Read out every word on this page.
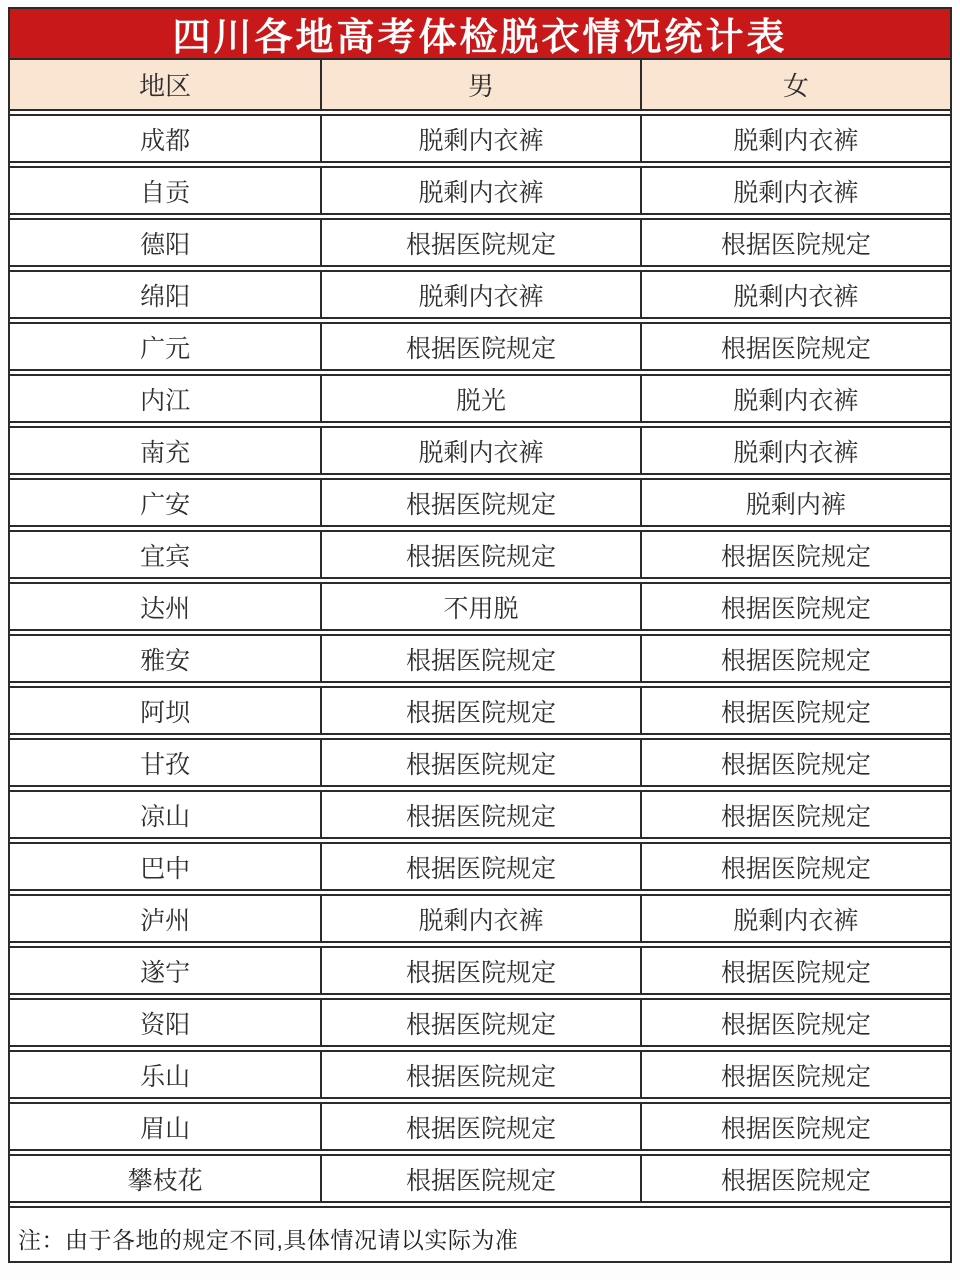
四川各地高考体检脱衣情况统计表
地区	男	女
成都	脱剩内衣裤	脱剩内衣裤
自贡	脱剩内衣裤	脱剩内衣裤
德阳	根据医院规定	根据医院规定
绵阳	脱剩内衣裤	脱剩内衣裤
广元	根据医院规定	根据医院规定
内江	脱光	脱剩内衣裤
南充	脱剩内衣裤	脱剩内衣裤
广安	根据医院规定	脱剩内裤
宜宾	根据医院规定	根据医院规定
达州	不用脱	根据医院规定
雅安	根据医院规定	根据医院规定
阿坝	根据医院规定	根据医院规定
甘孜	根据医院规定	根据医院规定
凉山	根据医院规定	根据医院规定
巴中	根据医院规定	根据医院规定
泸州	脱剩内衣裤	脱剩内衣裤
遂宁	根据医院规定	根据医院规定
资阳	根据医院规定	根据医院规定
乐山	根据医院规定	根据医院规定
眉山	根据医院规定	根据医院规定
攀枝花	根据医院规定	根据医院规定
注：由于各地的规定不同,具体情况请以实际为准
